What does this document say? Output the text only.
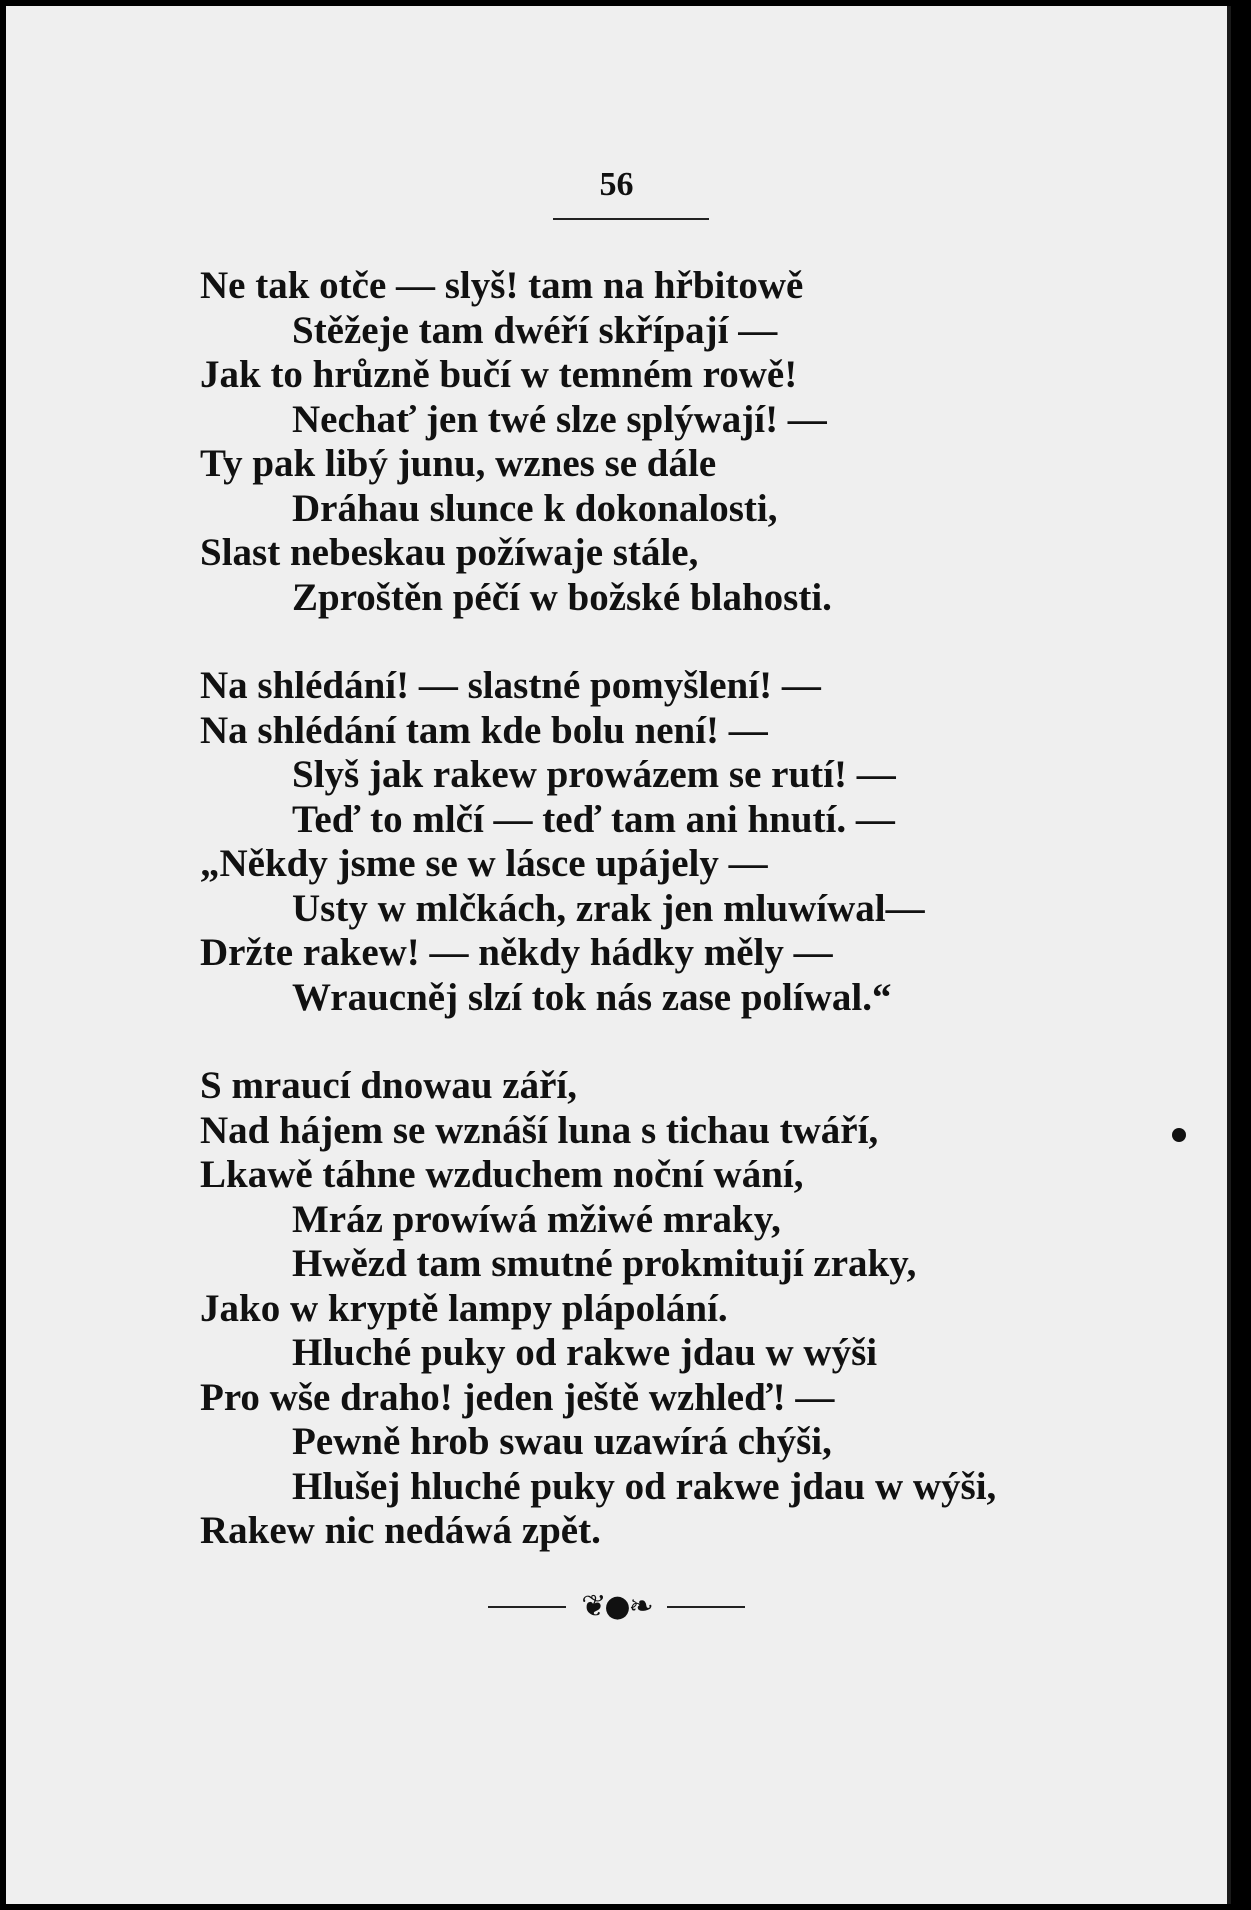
56
Ne tak otče — slyš! tam na hřbitowě
Stěžeje tam dwéří skřípají —
Jak to hrůzně bučí w temném rowě!
Nechať jen twé slze splýwají! —
Ty pak libý junu, wznes se dále
Dráhau slunce k dokonalosti,
Slast nebeskau požíwaje stále,
Zproštěn péčí w božské blahosti.
Na shlédání! — slastné pomyšlení! —
Na shlédání tam kde bolu není! —
Slyš jak rakew prowázem se rutí! —
Teď to mlčí — teď tam ani hnutí. —
„Někdy jsme se w lásce upájely —
Usty w mlčkách, zrak jen mluwíwal—
Držte rakew! — někdy hádky měly —
Wraucněj slzí tok nás zase políwal.“
S mraucí dnowau září,
Nad hájem se wznáší luna s tichau twáří,
Lkawě táhne wzduchem noční wání,
Mráz prowíwá mžiwé mraky,
Hwězd tam smutné prokmitují zraky,
Jako w kryptě lampy plápolání.
Hluché puky od rakwe jdau w wýši
Pro wše draho! jeden ještě wzhleď! —
Pewně hrob swau uzawírá chýši,
Hlušej hluché puky od rakwe jdau w wýši,
Rakew nic nedáwá zpět.
❦●❧
